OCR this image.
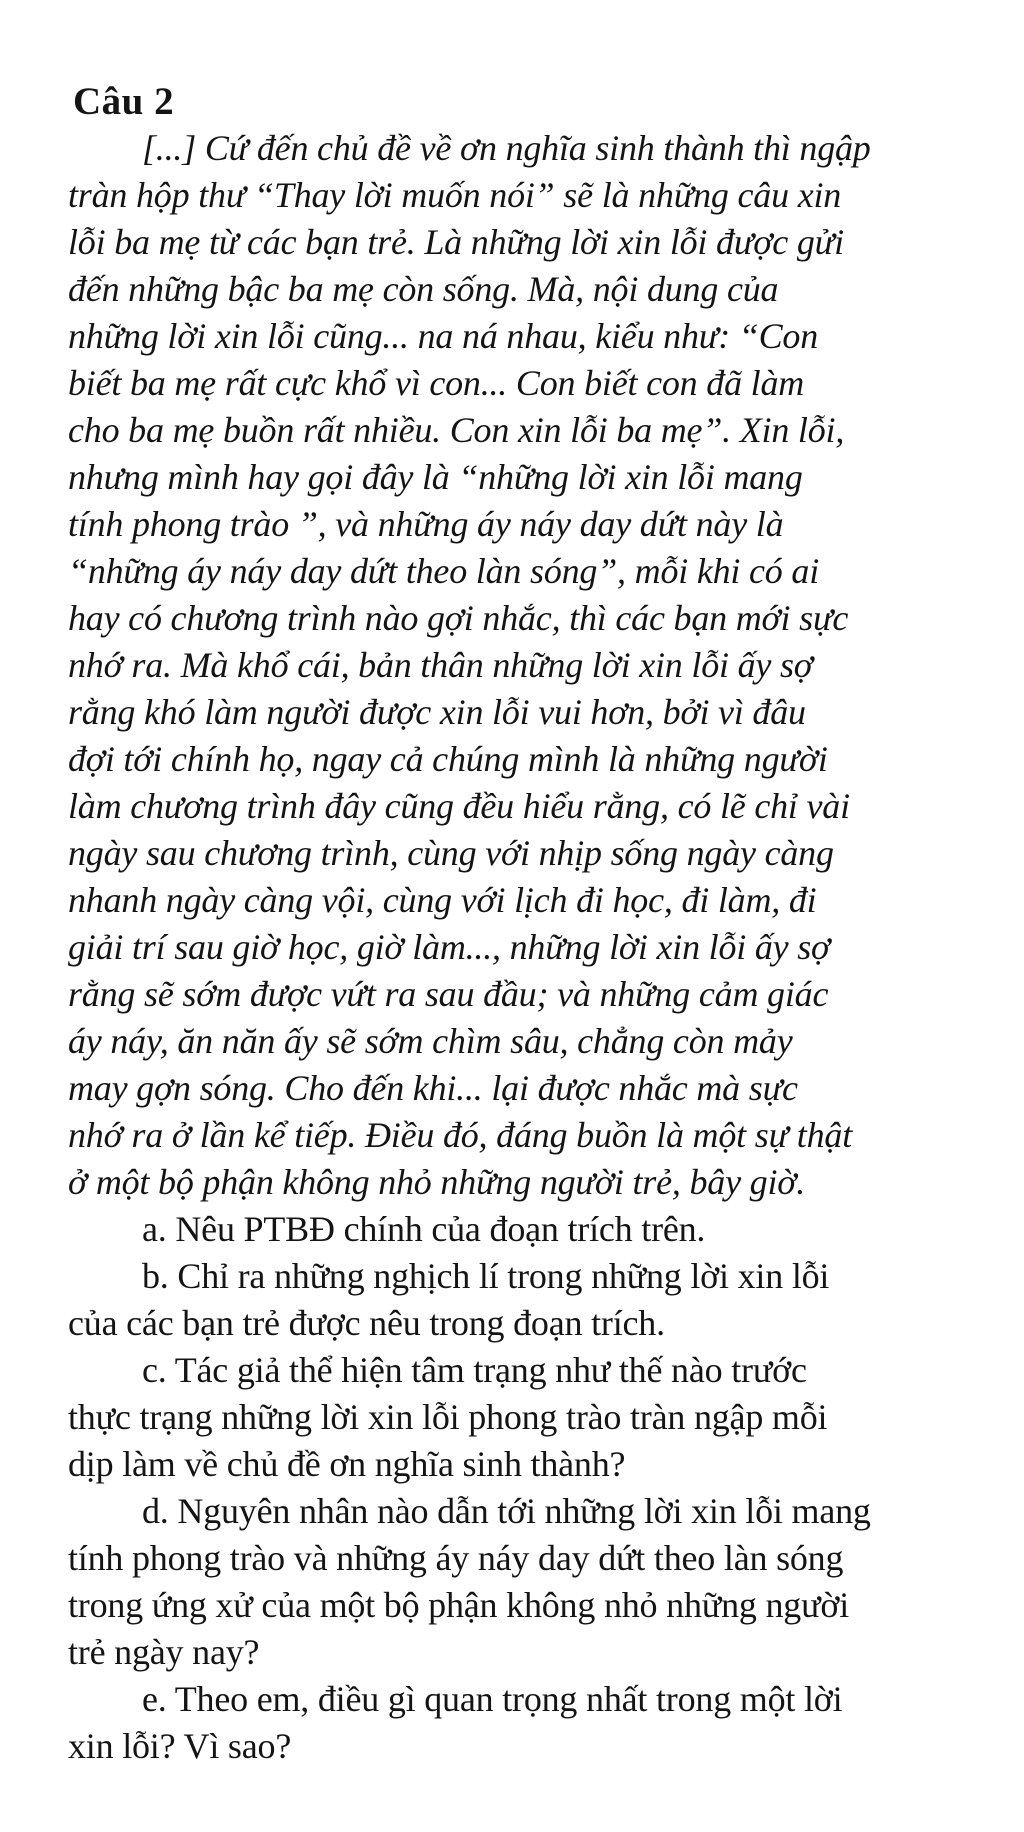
Câu 2
[...] Cứ đến chủ đề về ơn nghĩa sinh thành thì ngập
tràn hộp thư “Thay lời muốn nói” sẽ là những câu xin
lỗi ba mẹ từ các bạn trẻ. Là những lời xin lỗi được gửi
đến những bậc ba mẹ còn sống. Mà, nội dung của
những lời xin lỗi cũng... na ná nhau, kiểu như: “Con
biết ba mẹ rất cực khổ vì con... Con biết con đã làm
cho ba mẹ buồn rất nhiều. Con xin lỗi ba mẹ”. Xin lỗi,
nhưng mình hay gọi đây là “những lời xin lỗi mang
tính phong trào ”, và những áy náy day dứt này là
“những áy náy day dứt theo làn sóng”, mỗi khi có ai
hay có chương trình nào gợi nhắc, thì các bạn mới sực
nhớ ra. Mà khổ cái, bản thân những lời xin lỗi ấy sợ
rằng khó làm người được xin lỗi vui hơn, bởi vì đâu
đợi tới chính họ, ngay cả chúng mình là những người
làm chương trình đây cũng đều hiểu rằng, có lẽ chỉ vài
ngày sau chương trình, cùng với nhịp sống ngày càng
nhanh ngày càng vội, cùng với lịch đi học, đi làm, đi
giải trí sau giờ học, giờ làm..., những lời xin lỗi ấy sợ
rằng sẽ sớm được vứt ra sau đầu; và những cảm giác
áy náy, ăn năn ấy sẽ sớm chìm sâu, chẳng còn mảy
may gợn sóng. Cho đến khi... lại được nhắc mà sực
nhớ ra ở lần kể tiếp. Điều đó, đáng buồn là một sự thật
ở một bộ phận không nhỏ những người trẻ, bây giờ.
a. Nêu PTBĐ chính của đoạn trích trên.
b. Chỉ ra những nghịch lí trong những lời xin lỗi
của các bạn trẻ được nêu trong đoạn trích.
c. Tác giả thể hiện tâm trạng như thế nào trước
thực trạng những lời xin lỗi phong trào tràn ngập mỗi
dịp làm về chủ đề ơn nghĩa sinh thành?
d. Nguyên nhân nào dẫn tới những lời xin lỗi mang
tính phong trào và những áy náy day dứt theo làn sóng
trong ứng xử của một bộ phận không nhỏ những người
trẻ ngày nay?
e. Theo em, điều gì quan trọng nhất trong một lời
xin lỗi? Vì sao?
